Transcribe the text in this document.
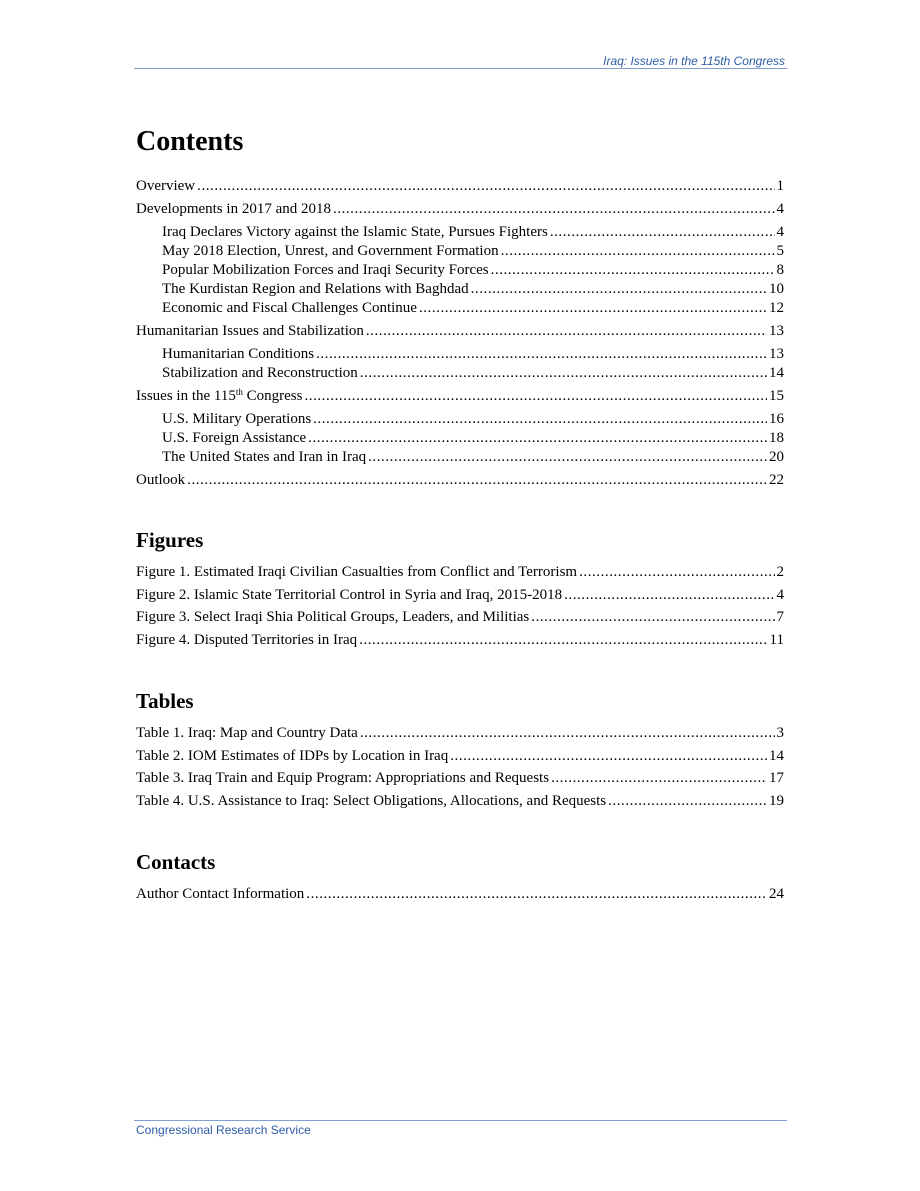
Iraq: Issues in the 115th Congress
Contents
Overview . . .	1
Developments in 2017 and 2018 . . .	4
Iraq Declares Victory against the Islamic State, Pursues Fighters . . .	4
May 2018 Election, Unrest, and Government Formation . . .	5
Popular Mobilization Forces and Iraqi Security Forces . . .	8
The Kurdistan Region and Relations with Baghdad . . .	10
Economic and Fiscal Challenges Continue . . .	12
Humanitarian Issues and Stabilization . . .	13
Humanitarian Conditions . . .	13
Stabilization and Reconstruction . . .	14
Issues in the 115th Congress . . .	15
U.S. Military Operations . . .	16
U.S. Foreign Assistance . . .	18
The United States and Iran in Iraq . . .	20
Outlook . . .	22
Figures
Figure 1. Estimated Iraqi Civilian Casualties from Conflict and Terrorism . . .	2
Figure 2. Islamic State Territorial Control in Syria and Iraq, 2015-2018 . . .	4
Figure 3. Select Iraqi Shia Political Groups, Leaders, and Militias . . .	7
Figure 4. Disputed Territories in Iraq . . .	11
Tables
Table 1. Iraq: Map and Country Data . . .	3
Table 2. IOM Estimates of IDPs by Location in Iraq . . .	14
Table 3. Iraq Train and Equip Program: Appropriations and Requests . . .	17
Table 4. U.S. Assistance to Iraq: Select Obligations, Allocations, and Requests . . .	19
Contacts
Author Contact Information . . .	24
Congressional Research Service
